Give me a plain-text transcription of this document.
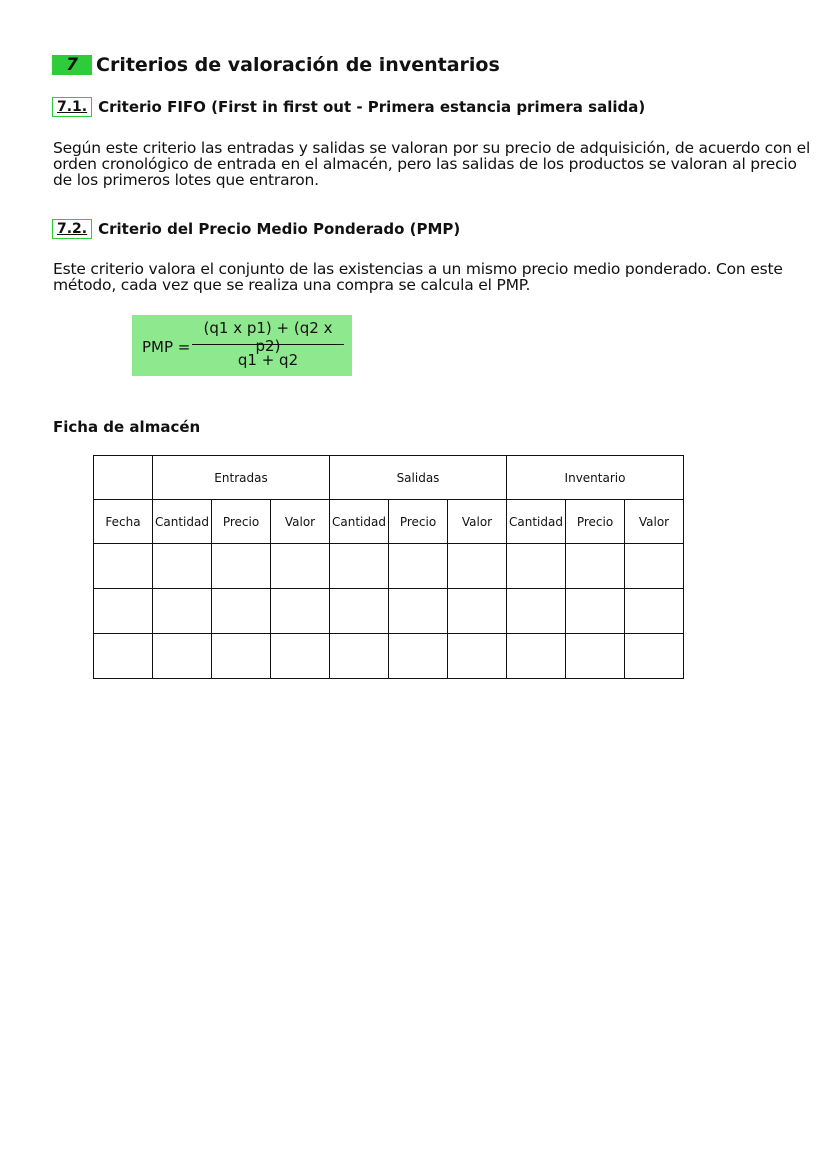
7 Criterios de valoración de inventarios
7.1. Criterio FIFO (First in first out - Primera estancia primera salida)
Según este criterio las entradas y salidas se valoran por su precio de adquisición, de acuerdo con el orden cronológico de entrada en el almacén, pero las salidas de los productos se valoran al precio de los primeros lotes que entraron.
7.2. Criterio del Precio Medio Ponderado (PMP)
Este criterio valora el conjunto de las existencias a un mismo precio medio ponderado. Con este método, cada vez que se realiza una compra se calcula el PMP.
PMP =
(q1 x p1) + (q2 x p2)
q1 + q2
Ficha de almacén
	Entradas			Salidas			Inventario		
Fecha	Cantidad	Precio	Valor	Cantidad	Precio	Valor	Cantidad	Precio	Valor
